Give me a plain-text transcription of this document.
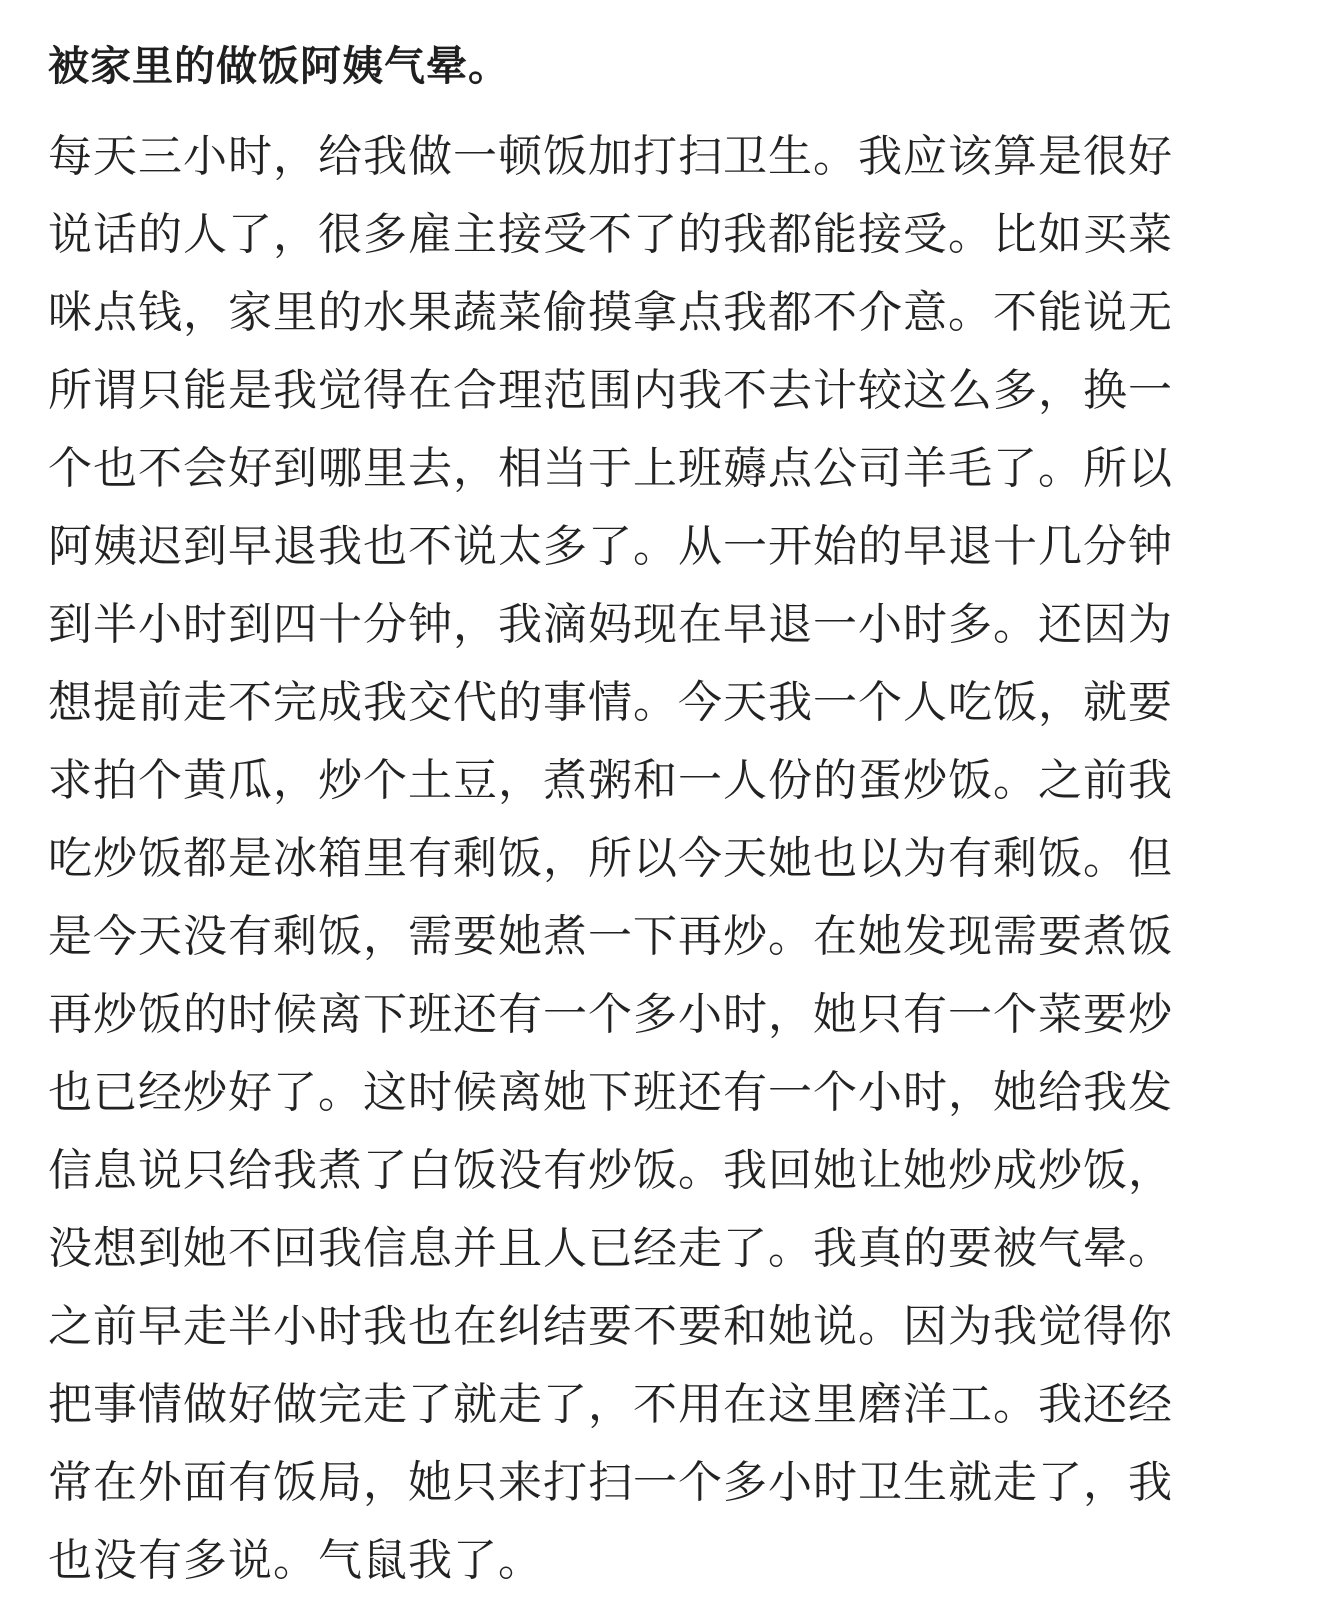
被家里的做饭阿姨气晕。
每天三小时，给我做一顿饭加打扫卫生。我应该算是很好
说话的人了，很多雇主接受不了的我都能接受。比如买菜
咪点钱，家里的水果蔬菜偷摸拿点我都不介意。不能说无
所谓只能是我觉得在合理范围内我不去计较这么多，换一
个也不会好到哪里去，相当于上班薅点公司羊毛了。所以
阿姨迟到早退我也不说太多了。从一开始的早退十几分钟
到半小时到四十分钟，我滴妈现在早退一小时多。还因为
想提前走不完成我交代的事情。今天我一个人吃饭，就要
求拍个黄瓜，炒个土豆，煮粥和一人份的蛋炒饭。之前我
吃炒饭都是冰箱里有剩饭，所以今天她也以为有剩饭。但
是今天没有剩饭，需要她煮一下再炒。在她发现需要煮饭
再炒饭的时候离下班还有一个多小时，她只有一个菜要炒
也已经炒好了。这时候离她下班还有一个小时，她给我发
信息说只给我煮了白饭没有炒饭。我回她让她炒成炒饭，
没想到她不回我信息并且人已经走了。我真的要被气晕。
之前早走半小时我也在纠结要不要和她说。因为我觉得你
把事情做好做完走了就走了，不用在这里磨洋工。我还经
常在外面有饭局，她只来打扫一个多小时卫生就走了，我
也没有多说。气鼠我了。
